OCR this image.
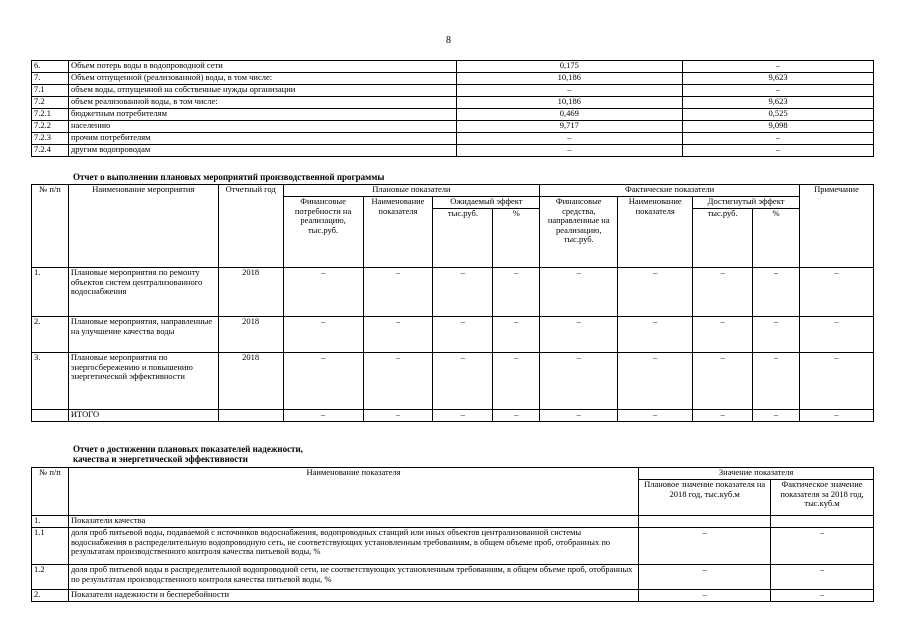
8
6.	Объем потерь воды в водопроводной сети	0,175	–
7.	Объем отпущенной (реализованной) воды, в том числе:	10,186	9,623
7.1	объем воды, отпущенной на собственные нужды организации	–	–
7.2	объем реализованной воды, в том числе:	10,186	9,623
7.2.1	бюджетным потребителям	0,469	0,525
7.2.2	населению	9,717	9,098
7.2.3	прочим потребителям	–	–
7.2.4	другим водопроводам	–	–
Отчет о выполнении плановых мероприятий производственной программы
№ п/п	Наименование мероприятия	Отчетный год	Плановые показатели				Фактические показатели				Примечание
			Финансовые потребности на реализацию, тыс.руб.	Наименование показателя	Ожидаемый эффект		Финансовые средства, направленные на реализацию, тыс.руб.	Наименование показателя	Достигнутый эффект		
					тыс.руб.	%			тыс.руб.	%	
1.	Плановые мероприятия по ремонту объектов систем централизованного водоснабжения	2018	–	–	–	–	–	–	–	–	–
2.	Плановые мероприятия, направленные на улучшение качества воды	2018	–	–	–	–	–	–	–	–	–
3.	Плановые мероприятия по энергосбережению и повышению энергетической эффективности	2018	–	–	–	–	–	–	–	–	–
	ИТОГО		–	–	–	–	–	–	–	–	–
Отчет о достижении плановых показателей надежности,
качества и энергетической эффективности
№ п/п	Наименование показателя	Значение показателя	
		Плановое значение показателя на 2018 год, тыс.куб.м	Фактическое значение показателя за 2018 год, тыс.куб.м
1.	Показатели качества		
1.1	доля проб питьевой воды, подаваемой с источников водоснабжения, водопроводных станций или иных объектов централизованной системы водоснабжения в распределительную водопроводную сеть, не соответствующих установленным требованиям, в общем объеме проб, отобранных по результатам производственного контроля качества питьевой воды, %	–	–
1.2	доля проб питьевой воды в распределительной водопроводной сети, не соответствующих установленным требованиям, в общем объеме проб, отобранных по результатам производственного контроля качества питьевой воды, %	–	–
2.	Показатели надежности и бесперебойности	–	–
